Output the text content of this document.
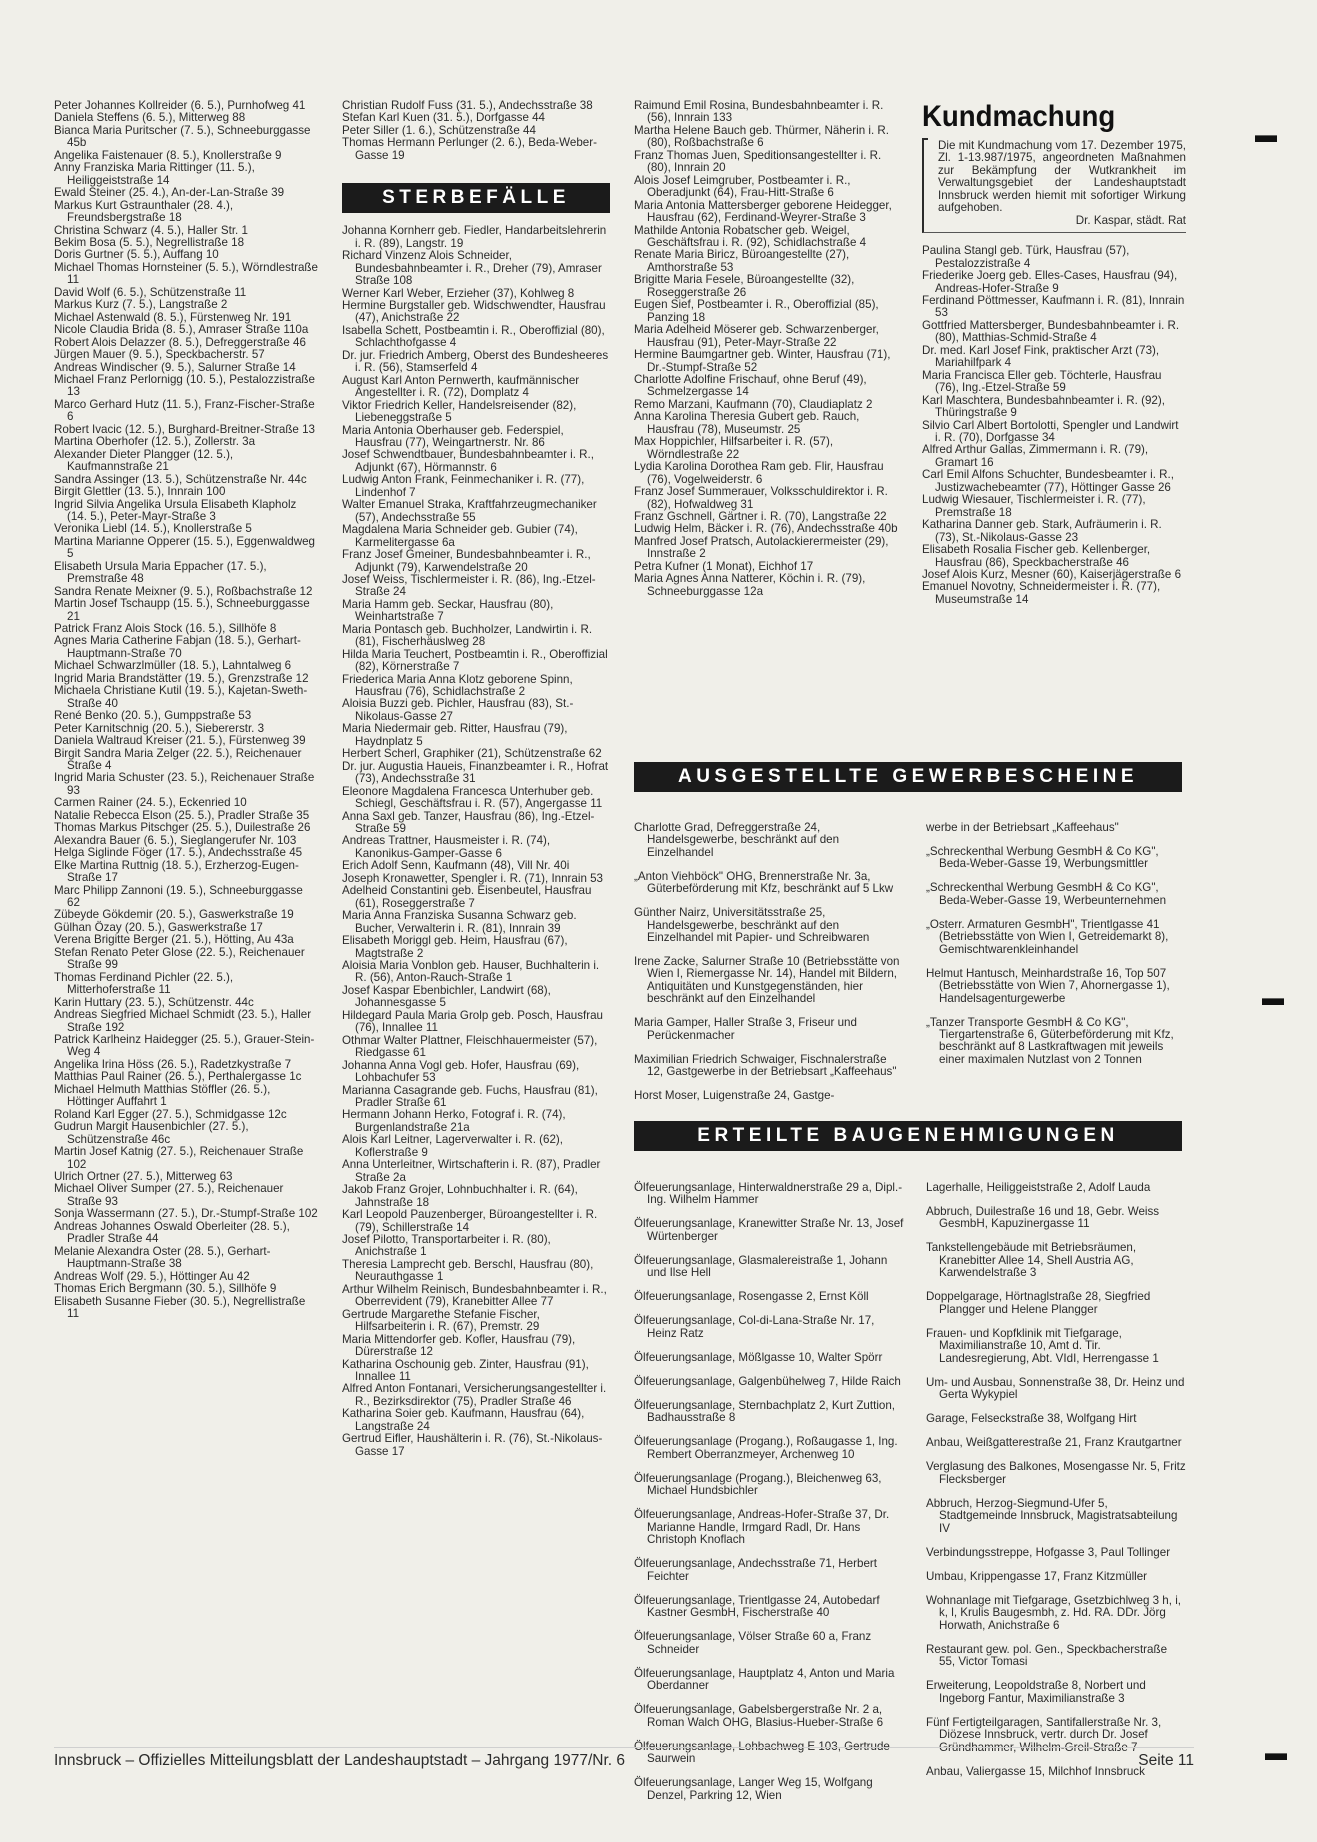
Peter Johannes Kollreider (6. 5.), Purnhofweg 41

Daniela Steffens (6. 5.), Mitterweg 88

Bianca Maria Puritscher (7. 5.), Schneeburggasse 45b

Angelika Faistenauer (8. 5.), Knollerstraße 9

Anny Franziska Maria Rittinger (11. 5.), Heiliggeiststraße 14

Ewald Steiner (25. 4.), An-der-Lan-Straße 39

Markus Kurt Gstraunthaler (28. 4.), Freundsbergstraße 18

Christina Schwarz (4. 5.), Haller Str. 1

Bekim Bosa (5. 5.), Negrellistraße 18

Doris Gurtner (5. 5.), Auffang 10

Michael Thomas Hornsteiner (5. 5.), Wörndlestraße 11

David Wolf (6. 5.), Schützenstraße 11

Markus Kurz (7. 5.), Langstraße 2

Michael Astenwald (8. 5.), Fürstenweg Nr. 191

Nicole Claudia Brida (8. 5.), Amraser Straße 110a

Robert Alois Delazzer (8. 5.), Defreggerstraße 46

Jürgen Mauer (9. 5.), Speckbacherstr. 57

Andreas Windischer (9. 5.), Salurner Straße 14

Michael Franz Perlornigg (10. 5.), Pestalozzistraße 13

Marco Gerhard Hutz (11. 5.), Franz-Fischer-Straße 6

Robert Ivacic (12. 5.), Burghard-Breitner-Straße 13

Martina Oberhofer (12. 5.), Zollerstr. 3a

Alexander Dieter Plangger (12. 5.), Kaufmannstraße 21

Sandra Assinger (13. 5.), Schützenstraße Nr. 44c

Birgit Glettler (13. 5.), Innrain 100

Ingrid Silvia Angelika Ursula Elisabeth Klapholz (14. 5.), Peter-Mayr-Straße 3

Veronika Liebl (14. 5.), Knollerstraße 5

Martina Marianne Opperer (15. 5.), Eggenwaldweg 5

Elisabeth Ursula Maria Eppacher (17. 5.), Premstraße 48

Sandra Renate Meixner (9. 5.), Roßbachstraße 12

Martin Josef Tschaupp (15. 5.), Schneeburggasse 21

Patrick Franz Alois Stock (16. 5.), Sillhöfe 8

Agnes Maria Catherine Fabjan (18. 5.), Gerhart-Hauptmann-Straße 70

Michael Schwarzlmüller (18. 5.), Lahntalweg 6

Ingrid Maria Brandstätter (19. 5.), Grenzstraße 12

Michaela Christiane Kutil (19. 5.), Kajetan-Sweth-Straße 40

René Benko (20. 5.), Gumppstraße 53

Peter Karnitschnig (20. 5.), Siebererstr. 3

Daniela Waltraud Kreiser (21. 5.), Fürstenweg 39

Birgit Sandra Maria Zelger (22. 5.), Reichenauer Straße 4

Ingrid Maria Schuster (23. 5.), Reichenauer Straße 93

Carmen Rainer (24. 5.), Eckenried 10

Natalie Rebecca Elson (25. 5.), Pradler Straße 35

Thomas Markus Pitschger (25. 5.), Duilestraße 26

Alexandra Bauer (6. 5.), Sieglangerufer Nr. 103

Helga Siglinde Föger (17. 5.), Andechsstraße 45

Elke Martina Ruttnig (18. 5.), Erzherzog-Eugen-Straße 17

Marc Philipp Zannoni (19. 5.), Schneeburggasse 62

Zübeyde Gökdemir (20. 5.), Gaswerkstraße 19

Gülhan Özay (20. 5.), Gaswerkstraße 17

Verena Brigitte Berger (21. 5.), Hötting, Au 43a

Stefan Renato Peter Glose (22. 5.), Reichenauer Straße 99

Thomas Ferdinand Pichler (22. 5.), Mitterhoferstraße 11

Karin Huttary (23. 5.), Schützenstr. 44c

Andreas Siegfried Michael Schmidt (23. 5.), Haller Straße 192

Patrick Karlheinz Haidegger (25. 5.), Grauer-Stein-Weg 4

Angelika Irina Höss (26. 5.), Radetzkystraße 7

Matthias Paul Rainer (26. 5.), Perthalergasse 1c

Michael Helmuth Matthias Stöffler (26. 5.), Höttinger Auffahrt 1

Roland Karl Egger (27. 5.), Schmidgasse 12c

Gudrun Margit Hausenbichler (27. 5.), Schützenstraße 46c

Martin Josef Katnig (27. 5.), Reichenauer Straße 102

Ulrich Ortner (27. 5.), Mitterweg 63

Michael Oliver Sumper (27. 5.), Reichenauer Straße 93

Sonja Wassermann (27. 5.), Dr.-Stumpf-Straße 102

Andreas Johannes Oswald Oberleiter (28. 5.), Pradler Straße 44

Melanie Alexandra Oster (28. 5.), Gerhart-Hauptmann-Straße 38

Andreas Wolf (29. 5.), Höttinger Au 42

Thomas Erich Bergmann (30. 5.), Sillhöfe 9

Elisabeth Susanne Fieber (30. 5.), Negrellistraße 11

Christian Rudolf Fuss (31. 5.), Andechsstraße 38

Stefan Karl Kuen (31. 5.), Dorfgasse 44

Peter Siller (1. 6.), Schützenstraße 44

Thomas Hermann Perlunger (2. 6.), Beda-Weber-Gasse 19

STERBEFÄLLE

Johanna Kornherr geb. Fiedler, Handarbeitslehrerin i. R. (89), Langstr. 19

Richard Vinzenz Alois Schneider, Bundesbahnbeamter i. R., Dreher (79), Amraser Straße 108

Werner Karl Weber, Erzieher (37), Kohlweg 8

Hermine Burgstaller geb. Widschwendter, Hausfrau (47), Anichstraße 22

Isabella Schett, Postbeamtin i. R., Oberoffizial (80), Schlachthofgasse 4

Dr. jur. Friedrich Amberg, Oberst des Bundesheeres i. R. (56), Stamserfeld 4

August Karl Anton Pernwerth, kaufmännischer Angestellter i. R. (72), Domplatz 4

Viktor Friedrich Keller, Handelsreisender (82), Liebeneggstraße 5

Maria Antonia Oberhauser geb. Federspiel, Hausfrau (77), Weingartnerstr. Nr. 86

Josef Schwendtbauer, Bundesbahnbeamter i. R., Adjunkt (67), Hörmannstr. 6

Ludwig Anton Frank, Feinmechaniker i. R. (77), Lindenhof 7

Walter Emanuel Straka, Kraftfahrzeugmechaniker (57), Andechsstraße 55

Magdalena Maria Schneider geb. Gubier (74), Karmelitergasse 6a

Franz Josef Gmeiner, Bundesbahnbeamter i. R., Adjunkt (79), Karwendelstraße 20

Josef Weiss, Tischlermeister i. R. (86), Ing.-Etzel-Straße 24

Maria Hamm geb. Seckar, Hausfrau (80), Weinhartstraße 7

Maria Pontasch geb. Buchholzer, Landwirtin i. R. (81), Fischerhäuslweg 28

Hilda Maria Teuchert, Postbeamtin i. R., Oberoffizial (82), Körnerstraße 7

Friederica Maria Anna Klotz geborene Spinn, Hausfrau (76), Schidlachstraße 2

Aloisia Buzzi geb. Pichler, Hausfrau (83), St.-Nikolaus-Gasse 27

Maria Niedermair geb. Ritter, Hausfrau (79), Haydnplatz 5

Herbert Scherl, Graphiker (21), Schützenstraße 62

Dr. jur. Augustia Haueis, Finanzbeamter i. R., Hofrat (73), Andechsstraße 31

Eleonore Magdalena Francesca Unterhuber geb. Schiegl, Geschäftsfrau i. R. (57), Angergasse 11

Anna Saxl geb. Tanzer, Hausfrau (86), Ing.-Etzel-Straße 59

Andreas Trattner, Hausmeister i. R. (74), Kanonikus-Gamper-Gasse 6

Erich Adolf Senn, Kaufmann (48), Vill Nr. 40i

Joseph Kronawetter, Spengler i. R. (71), Innrain 53

Adelheid Constantini geb. Eisenbeutel, Hausfrau (61), Roseggerstraße 7

Maria Anna Franziska Susanna Schwarz geb. Bucher, Verwalterin i. R. (81), Innrain 39

Elisabeth Moriggl geb. Heim, Hausfrau (67), Magtstraße 2

Aloisia Maria Vonblon geb. Hauser, Buchhalterin i. R. (56), Anton-Rauch-Straße 1

Josef Kaspar Ebenbichler, Landwirt (68), Johannesgasse 5

Hildegard Paula Maria Grolp geb. Posch, Hausfrau (76), Innallee 11

Othmar Walter Plattner, Fleischhauermeister (57), Riedgasse 61

Johanna Anna Vogl geb. Hofer, Hausfrau (69), Lohbachufer 53

Marianna Casagrande geb. Fuchs, Hausfrau (81), Pradler Straße 61

Hermann Johann Herko, Fotograf i. R. (74), Burgenlandstraße 21a

Alois Karl Leitner, Lagerverwalter i. R. (62), Koflerstraße 9

Anna Unterleitner, Wirtschafterin i. R. (87), Pradler Straße 2a

Jakob Franz Grojer, Lohnbuchhalter i. R. (64), Jahnstraße 18

Karl Leopold Pauzenberger, Büroangestellter i. R. (79), Schillerstraße 14

Josef Pilotto, Transportarbeiter i. R. (80), Anichstraße 1

Theresia Lamprecht geb. Berschl, Hausfrau (80), Neurauthgasse 1

Arthur Wilhelm Reinisch, Bundesbahnbeamter i. R., Oberrevident (79), Kranebitter Allee 77

Gertrude Margarethe Stefanie Fischer, Hilfsarbeiterin i. R. (67), Premstr. 29

Maria Mittendorfer geb. Kofler, Hausfrau (79), Dürerstraße 12

Katharina Oschounig geb. Zinter, Hausfrau (91), Innallee 11

Alfred Anton Fontanari, Versicherungsangestellter i. R., Bezirksdirektor (75), Pradler Straße 46

Katharina Soier geb. Kaufmann, Hausfrau (64), Langstraße 24

Gertrud Eifler, Haushälterin i. R. (76), St.-Nikolaus-Gasse 17

Raimund Emil Rosina, Bundesbahnbeamter i. R. (56), Innrain 133

Martha Helene Bauch geb. Thürmer, Näherin i. R. (80), Roßbachstraße 6

Franz Thomas Juen, Speditionsangestellter i. R. (80), Innrain 20

Alois Josef Leimgruber, Postbeamter i. R., Oberadjunkt (64), Frau-Hitt-Straße 6

Maria Antonia Mattersberger geborene Heidegger, Hausfrau (62), Ferdinand-Weyrer-Straße 3

Mathilde Antonia Robatscher geb. Weigel, Geschäftsfrau i. R. (92), Schidlachstraße 4

Renate Maria Biricz, Büroangestellte (27), Amthorstraße 53

Brigitte Maria Fesele, Büroangestellte (32), Roseggerstraße 26

Eugen Sief, Postbeamter i. R., Oberoffizial (85), Panzing 18

Maria Adelheid Möserer geb. Schwarzenberger, Hausfrau (91), Peter-Mayr-Straße 22

Hermine Baumgartner geb. Winter, Hausfrau (71), Dr.-Stumpf-Straße 52

Charlotte Adolfine Frischauf, ohne Beruf (49), Schmelzergasse 14

Remo Marzani, Kaufmann (70), Claudiaplatz 2

Anna Karolina Theresia Gubert geb. Rauch, Hausfrau (78), Museumstr. 25

Max Hoppichler, Hilfsarbeiter i. R. (57), Wörndlestraße 22

Lydia Karolina Dorothea Ram geb. Flir, Hausfrau (76), Vogelweiderstr. 6

Franz Josef Summerauer, Volksschuldirektor i. R. (82), Hofwaldweg 31

Franz Gschnell, Gärtner i. R. (70), Langstraße 22

Ludwig Helm, Bäcker i. R. (76), Andechsstraße 40b

Manfred Josef Pratsch, Autolackierermeister (29), Innstraße 2

Petra Kufner (1 Monat), Eichhof 17

Maria Agnes Anna Natterer, Köchin i. R. (79), Schneeburggasse 12a

Kundmachung

Die mit Kundmachung vom 17. Dezember 1975, Zl. 1-13.987/1975, angeordneten Maßnahmen zur Bekämpfung der Wutkrankheit im Verwaltungsgebiet der Landeshauptstadt Innsbruck werden hiemit mit sofortiger Wirkung aufgehoben.

Dr. Kaspar, städt. Rat

Paulina Stangl geb. Türk, Hausfrau (57), Pestalozzistraße 4

Friederike Joerg geb. Elles-Cases, Hausfrau (94), Andreas-Hofer-Straße 9

Ferdinand Pöttmesser, Kaufmann i. R. (81), Innrain 53

Gottfried Mattersberger, Bundesbahnbeamter i. R. (80), Matthias-Schmid-Straße 4

Dr. med. Karl Josef Fink, praktischer Arzt (73), Mariahilfpark 4

Maria Francisca Eller geb. Töchterle, Hausfrau (76), Ing.-Etzel-Straße 59

Karl Maschtera, Bundesbahnbeamter i. R. (92), Thüringstraße 9

Silvio Carl Albert Bortolotti, Spengler und Landwirt i. R. (70), Dorfgasse 34

Alfred Arthur Gallas, Zimmermann i. R. (79), Gramart 16

Carl Emil Alfons Schuchter, Bundesbeamter i. R., Justizwachebeamter (77), Höttinger Gasse 26

Ludwig Wiesauer, Tischlermeister i. R. (77), Premstraße 18

Katharina Danner geb. Stark, Aufräumerin i. R. (73), St.-Nikolaus-Gasse 23

Elisabeth Rosalia Fischer geb. Kellenberger, Hausfrau (86), Speckbacherstraße 46

Josef Alois Kurz, Mesner (60), Kaiserjägerstraße 6

Emanuel Novotny, Schneidermeister i. R. (77), Museumstraße 14

AUSGESTELLTE GEWERBESCHEINE

Charlotte Grad, Defreggerstraße 24, Handelsgewerbe, beschränkt auf den Einzelhandel

„Anton Viehböck" OHG, Brennerstraße Nr. 3a, Güterbeförderung mit Kfz, beschränkt auf 5 Lkw

Günther Nairz, Universitätsstraße 25, Handelsgewerbe, beschränkt auf den Einzelhandel mit Papier- und Schreibwaren

Irene Zacke, Salurner Straße 10 (Betriebsstätte von Wien I, Riemergasse Nr. 14), Handel mit Bildern, Antiquitäten und Kunstgegenständen, hier beschränkt auf den Einzelhandel

Maria Gamper, Haller Straße 3, Friseur und Perückenmacher

Maximilian Friedrich Schwaiger, Fischnalerstraße 12, Gastgewerbe in der Betriebsart „Kaffeehaus"

Horst Moser, Luigenstraße 24, Gastge-

werbe in der Betriebsart „Kaffeehaus"

„Schreckenthal Werbung GesmbH & Co KG", Beda-Weber-Gasse 19, Werbungsmittler

„Schreckenthal Werbung GesmbH & Co KG", Beda-Weber-Gasse 19, Werbeunternehmen

„Osterr. Armaturen GesmbH", Trientlgasse 41 (Betriebsstätte von Wien I, Getreidemarkt 8), Gemischtwarenkleinhandel

Helmut Hantusch, Meinhardstraße 16, Top 507 (Betriebsstätte von Wien 7, Ahornergasse 1), Handelsagenturgewerbe

„Tanzer Transporte GesmbH & Co KG", Tiergartenstraße 6, Güterbeförderung mit Kfz, beschränkt auf 8 Lastkraftwagen mit jeweils einer maximalen Nutzlast von 2 Tonnen

ERTEILTE BAUGENEHMIGUNGEN

Ölfeuerungsanlage, Hinterwaldnerstraße 29 a, Dipl.-Ing. Wilhelm Hammer

Ölfeuerungsanlage, Kranewitter Straße Nr. 13, Josef Würtenberger

Ölfeuerungsanlage, Glasmalereistraße 1, Johann und Ilse Hell

Ölfeuerungsanlage, Rosengasse 2, Ernst Köll

Ölfeuerungsanlage, Col-di-Lana-Straße Nr. 17, Heinz Ratz

Ölfeuerungsanlage, Mößlgasse 10, Walter Spörr

Ölfeuerungsanlage, Galgenbühelweg 7, Hilde Raich

Ölfeuerungsanlage, Sternbachplatz 2, Kurt Zuttion, Badhausstraße 8

Ölfeuerungsanlage (Progang.), Roßaugasse 1, Ing. Rembert Oberranzmeyer, Archenweg 10

Ölfeuerungsanlage (Progang.), Bleichenweg 63, Michael Hundsbichler

Ölfeuerungsanlage, Andreas-Hofer-Straße 37, Dr. Marianne Handle, Irmgard Radl, Dr. Hans Christoph Knoflach

Ölfeuerungsanlage, Andechsstraße 71, Herbert Feichter

Ölfeuerungsanlage, Trientlgasse 24, Autobedarf Kastner GesmbH, Fischerstraße 40

Ölfeuerungsanlage, Völser Straße 60 a, Franz Schneider

Ölfeuerungsanlage, Hauptplatz 4, Anton und Maria Oberdanner

Ölfeuerungsanlage, Gabelsbergerstraße Nr. 2 a, Roman Walch OHG, Blasius-Hueber-Straße 6

Ölfeuerungsanlage, Lohbachweg E 103, Gertrude Saurwein

Ölfeuerungsanlage, Langer Weg 15, Wolfgang Denzel, Parkring 12, Wien

Lagerhalle, Heiliggeiststraße 2, Adolf Lauda

Abbruch, Duilestraße 16 und 18, Gebr. Weiss GesmbH, Kapuzinergasse 11

Tankstellengebäude mit Betriebsräumen, Kranebitter Allee 14, Shell Austria AG, Karwendelstraße 3

Doppelgarage, Hörtnaglstraße 28, Siegfried Plangger und Helene Plangger

Frauen- und Kopfklinik mit Tiefgarage, Maximilianstraße 10, Amt d. Tir. Landesregierung, Abt. VIdI, Herrengasse 1

Um- und Ausbau, Sonnenstraße 38, Dr. Heinz und Gerta Wykypiel

Garage, Felseckstraße 38, Wolfgang Hirt

Anbau, Weißgatterestraße 21, Franz Krautgartner

Verglasung des Balkones, Mosengasse Nr. 5, Fritz Flecksberger

Abbruch, Herzog-Siegmund-Ufer 5, Stadtgemeinde Innsbruck, Magistratsabteilung IV

Verbindungsstreppe, Hofgasse 3, Paul Tollinger

Umbau, Krippengasse 17, Franz Kitzmüller

Wohnanlage mit Tiefgarage, Gsetzbichlweg 3 h, i, k, l, Krulis Baugesmbh, z. Hd. RA. DDr. Jörg Horwath, Anichstraße 6

Restaurant gew. pol. Gen., Speckbacherstraße 55, Victor Tomasi

Erweiterung, Leopoldstraße 8, Norbert und Ingeborg Fantur, Maximilianstraße 3

Fünf Fertigteilgaragen, Santifallerstraße Nr. 3, Diözese Innsbruck, vertr. durch Dr. Josef Gründhammer, Wilhelm-Greil-Straße 7

Anbau, Valiergasse 15, Milchhof Innsbruck

Innsbruck – Offizielles Mitteilungsblatt der Landeshauptstadt – Jahrgang 1977/Nr. 6	Seite 11
▬
▬
▬
